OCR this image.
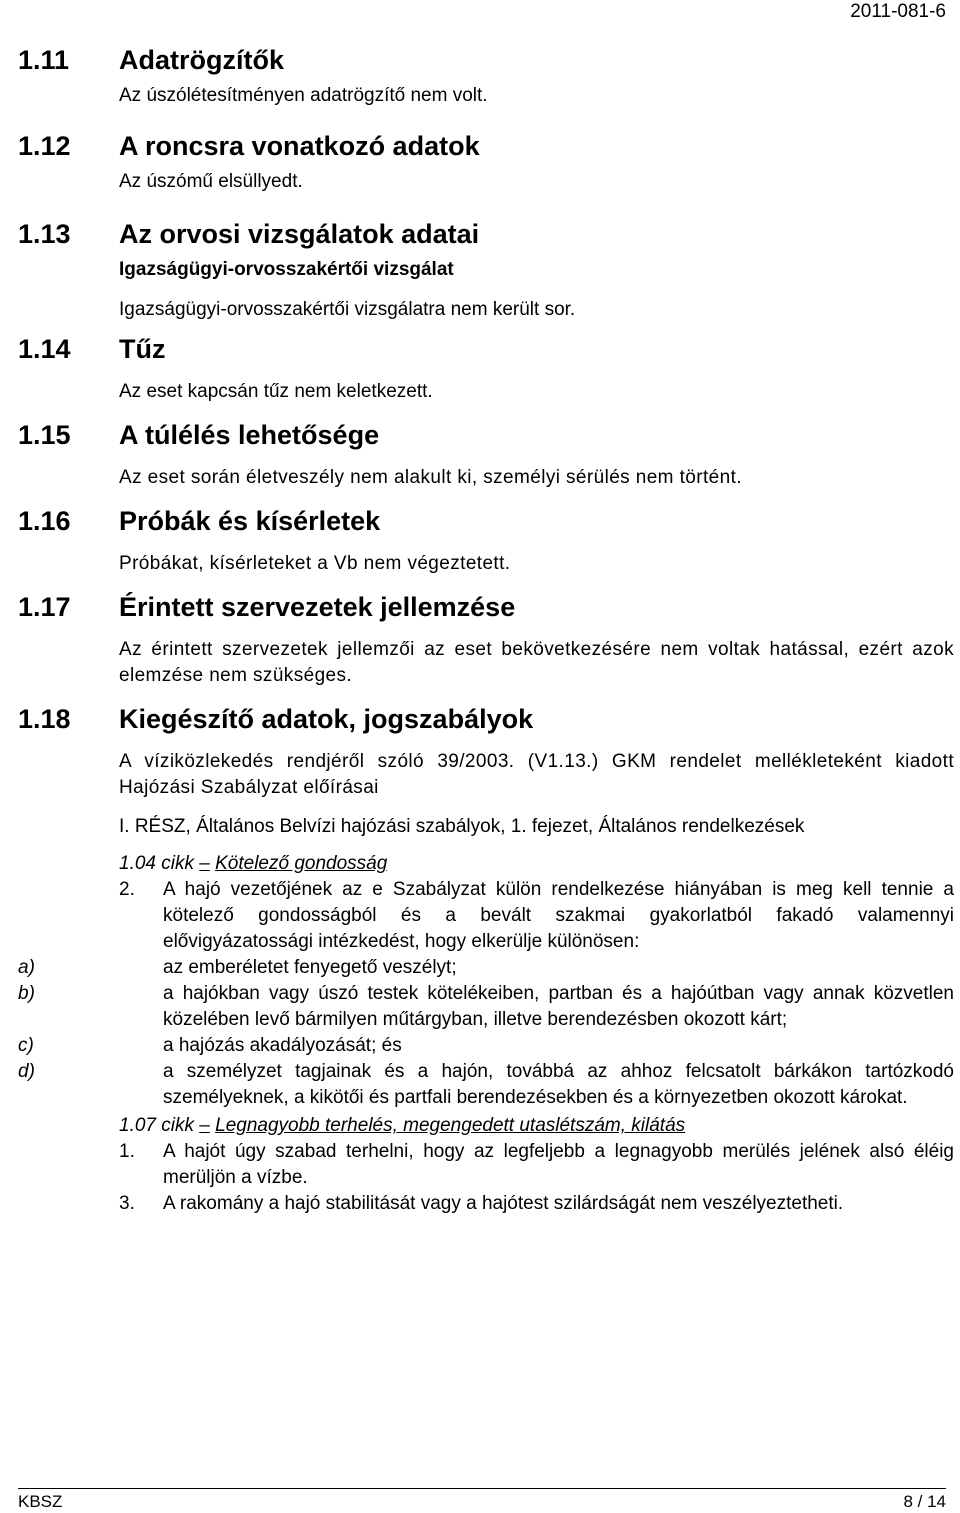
2011-081-6
1.11	Adatrögzítők

Az úszólétesítményen adatrögzítő nem volt.

1.12	A roncsra vonatkozó adatok

Az úszómű elsüllyedt.

1.13	Az orvosi vizsgálatok adatai

Igazságügyi-orvosszakértői vizsgálat

Igazságügyi-orvosszakértői vizsgálatra nem került sor.

1.14	Tűz

Az eset kapcsán tűz nem keletkezett.

1.15	A túlélés lehetősége

Az eset során életveszély nem alakult ki, személyi sérülés nem történt.

1.16	Próbák és kísérletek

Próbákat, kísérleteket a Vb nem végeztetett.

1.17	Érintett szervezetek jellemzése

Az érintett szervezetek jellemzői az eset bekövetkezésére nem voltak hatással, ezért azok elemzése nem szükséges.

1.18	Kiegészítő adatok, jogszabályok

A víziközlekedés rendjéről szóló 39/2003. (V1.13.) GKM rendelet mellékleteként kiadott Hajózási Szabályzat előírásai

I. RÉSZ, Általános Belvízi hajózási szabályok, 1. fejezet, Általános rendelkezések

1.04 cikk – Kötelező gondosság

2.	A hajó vezetőjének az e Szabályzat külön rendelkezése hiányában is meg kell tennie a kötelező gondosságból és a bevált szakmai gyakorlatból fakadó valamennyi elővigyázatossági intézkedést, hogy elkerülje különösen:
a)	az emberéletet fenyegető veszélyt;
b)	a hajókban vagy úszó testek kötelékeiben, partban és a hajóútban vagy annak közvetlen közelében levő bármilyen műtárgyban, illetve berendezésben okozott kárt;
c)	a hajózás akadályozását; és
d)	a személyzet tagjainak és a hajón, továbbá az ahhoz felcsatolt bárkákon tartózkodó személyeknek, a kikötői és partfali berendezésekben és a környezetben okozott károkat.

1.07 cikk – Legnagyobb terhelés, megengedett utaslétszám, kilátás

1.	A hajót úgy szabad terhelni, hogy az legfeljebb a legnagyobb merülés jelének alsó éléig merüljön a vízbe.
3.	A rakomány a hajó stabilitását vagy a hajótest szilárdságát nem veszélyeztetheti.
KBSZ	8 / 14
